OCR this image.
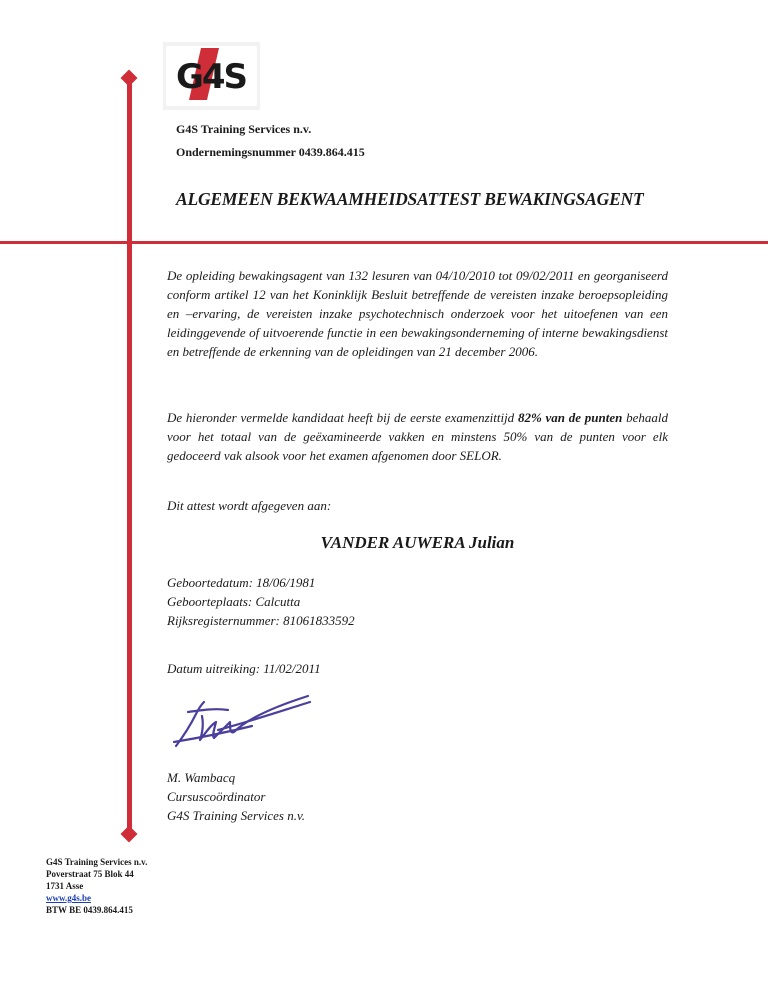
G4S
G4S Training Services n.v.
Ondernemingsnummer 0439.864.415
ALGEMEEN BEKWAAMHEIDSATTEST BEWAKINGSAGENT

De opleiding bewakingsagent van 132 lesuren van 04/10/2010 tot 09/02/2011 en georganiseerd conform artikel 12 van het Koninklijk Besluit betreffende de vereisten inzake beroepsopleiding en –ervaring, de vereisten inzake psychotechnisch onderzoek voor het uitoefenen van een leidinggevende of uitvoerende functie in een bewakingsonderneming of interne bewakingsdienst en betreffende de erkenning van de opleidingen van 21 december 2006.

De hieronder vermelde kandidaat heeft bij de eerste examenzittijd 82% van de punten behaald voor het totaal van de geëxamineerde vakken en minstens 50% van de punten voor elk gedoceerd vak alsook voor het examen afgenomen door SELOR.

Dit attest wordt afgegeven aan:
VANDER AUWERA Julian
Geboortedatum: 18/06/1981
Geboorteplaats: Calcutta
Rijksregisternummer: 81061833592
Datum uitreiking: 11/02/2011
M. Wambacq
Cursuscoördinator
G4S Training Services n.v.
G4S Training Services n.v.
Poverstraat 75 Blok 44
1731 Asse
www.g4s.be
BTW BE 0439.864.415
